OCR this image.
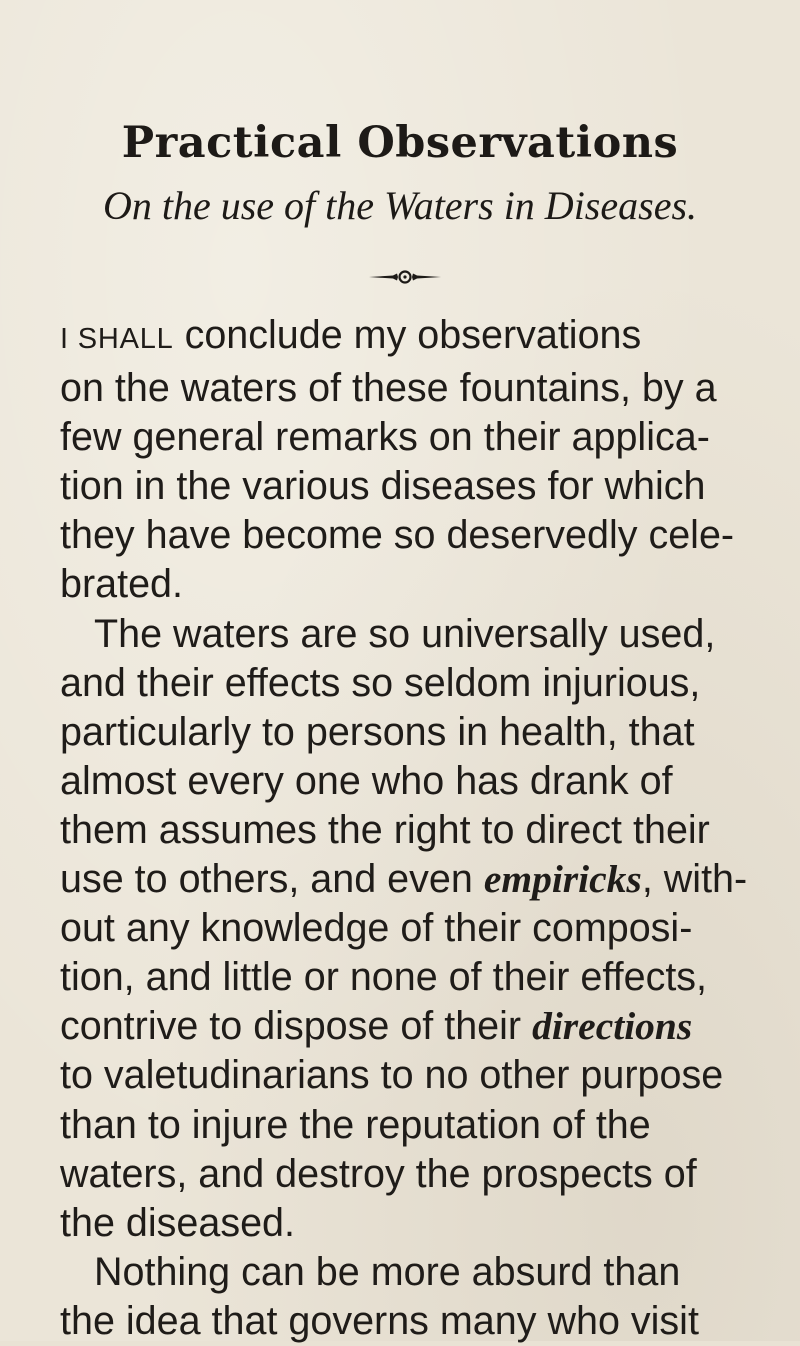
Practical Observations
On the use of the Waters in Diseases.
I SHALL conclude my observations
on the waters of these fountains, by a
few general remarks on their applica-
tion in the various diseases for which
they have become so deservedly cele-
brated.
The waters are so universally used,
and their effects so seldom injurious,
particularly to persons in health, that
almost every one who has drank of
them assumes the right to direct their
use to others, and even empiricks, with-
out any knowledge of their composi-
tion, and little or none of their effects,
contrive to dispose of their directions
to valetudinarians to no other purpose
than to injure the reputation of the
waters, and destroy the prospects of
the diseased.
Nothing can be more absurd than
the idea that governs many who visit
